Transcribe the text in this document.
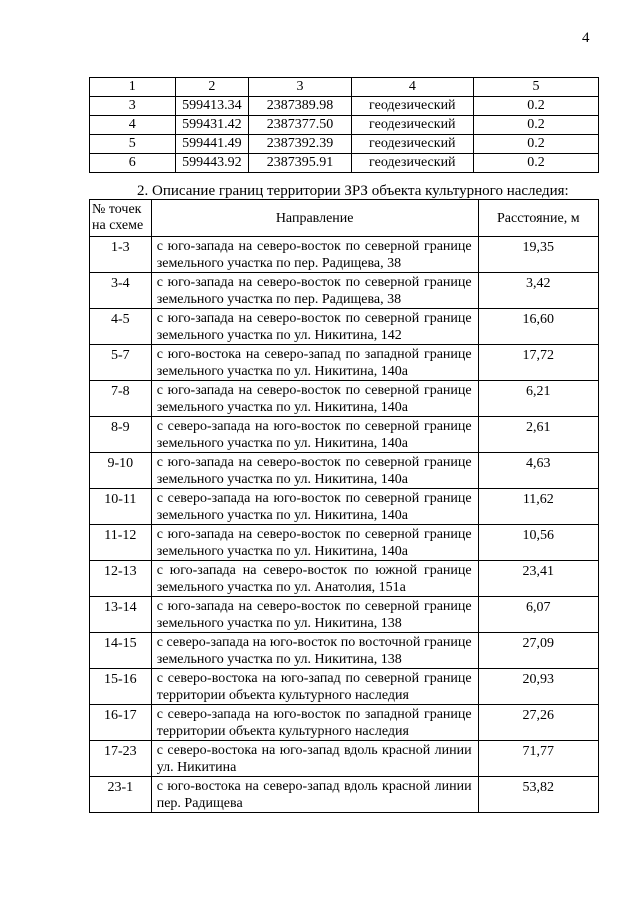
4
1	2	3	4	5
3	599413.34	2387389.98	геодезический	0.2
4	599431.42	2387377.50	геодезический	0.2
5	599441.49	2387392.39	геодезический	0.2
6	599443.92	2387395.91	геодезический	0.2
2. Описание границ территории ЗРЗ объекта культурного наследия:
№ точек на схеме	Направление	Расстояние, м
1-3	с юго-запада на северо-восток по северной границе земельного участка по пер. Радищева, 38	19,35
3-4	с юго-запада на северо-восток по северной границе земельного участка по пер. Радищева, 38	3,42
4-5	с юго-запада на северо-восток по северной границе земельного участка по ул. Никитина, 142	16,60
5-7	с юго-востока на северо-запад по западной границе земельного участка по ул. Никитина, 140а	17,72
7-8	с юго-запада на северо-восток по северной границе земельного участка по ул. Никитина, 140а	6,21
8-9	с северо-запада на юго-восток по северной границе земельного участка по ул. Никитина, 140а	2,61
9-10	с юго-запада на северо-восток по северной границе земельного участка по ул. Никитина, 140а	4,63
10-11	с северо-запада на юго-восток по северной границе земельного участка по ул. Никитина, 140а	11,62
11-12	с юго-запада на северо-восток по северной границе земельного участка по ул. Никитина, 140а	10,56
12-13	с юго-запада на северо-восток по южной границе земельного участка по ул. Анатолия, 151а	23,41
13-14	с юго-запада на северо-восток по северной границе земельного участка по ул. Никитина, 138	6,07
14-15	с северо-запада на юго-восток по восточной границе земельного участка по ул. Никитина, 138	27,09
15-16	с северо-востока на юго-запад по северной границе территории объекта культурного наследия	20,93
16-17	с северо-запада на юго-восток по западной границе территории объекта культурного наследия	27,26
17-23	с северо-востока на юго-запад вдоль красной линии ул. Никитина	71,77
23-1	с юго-востока на северо-запад вдоль красной линии пер. Радищева	53,82
